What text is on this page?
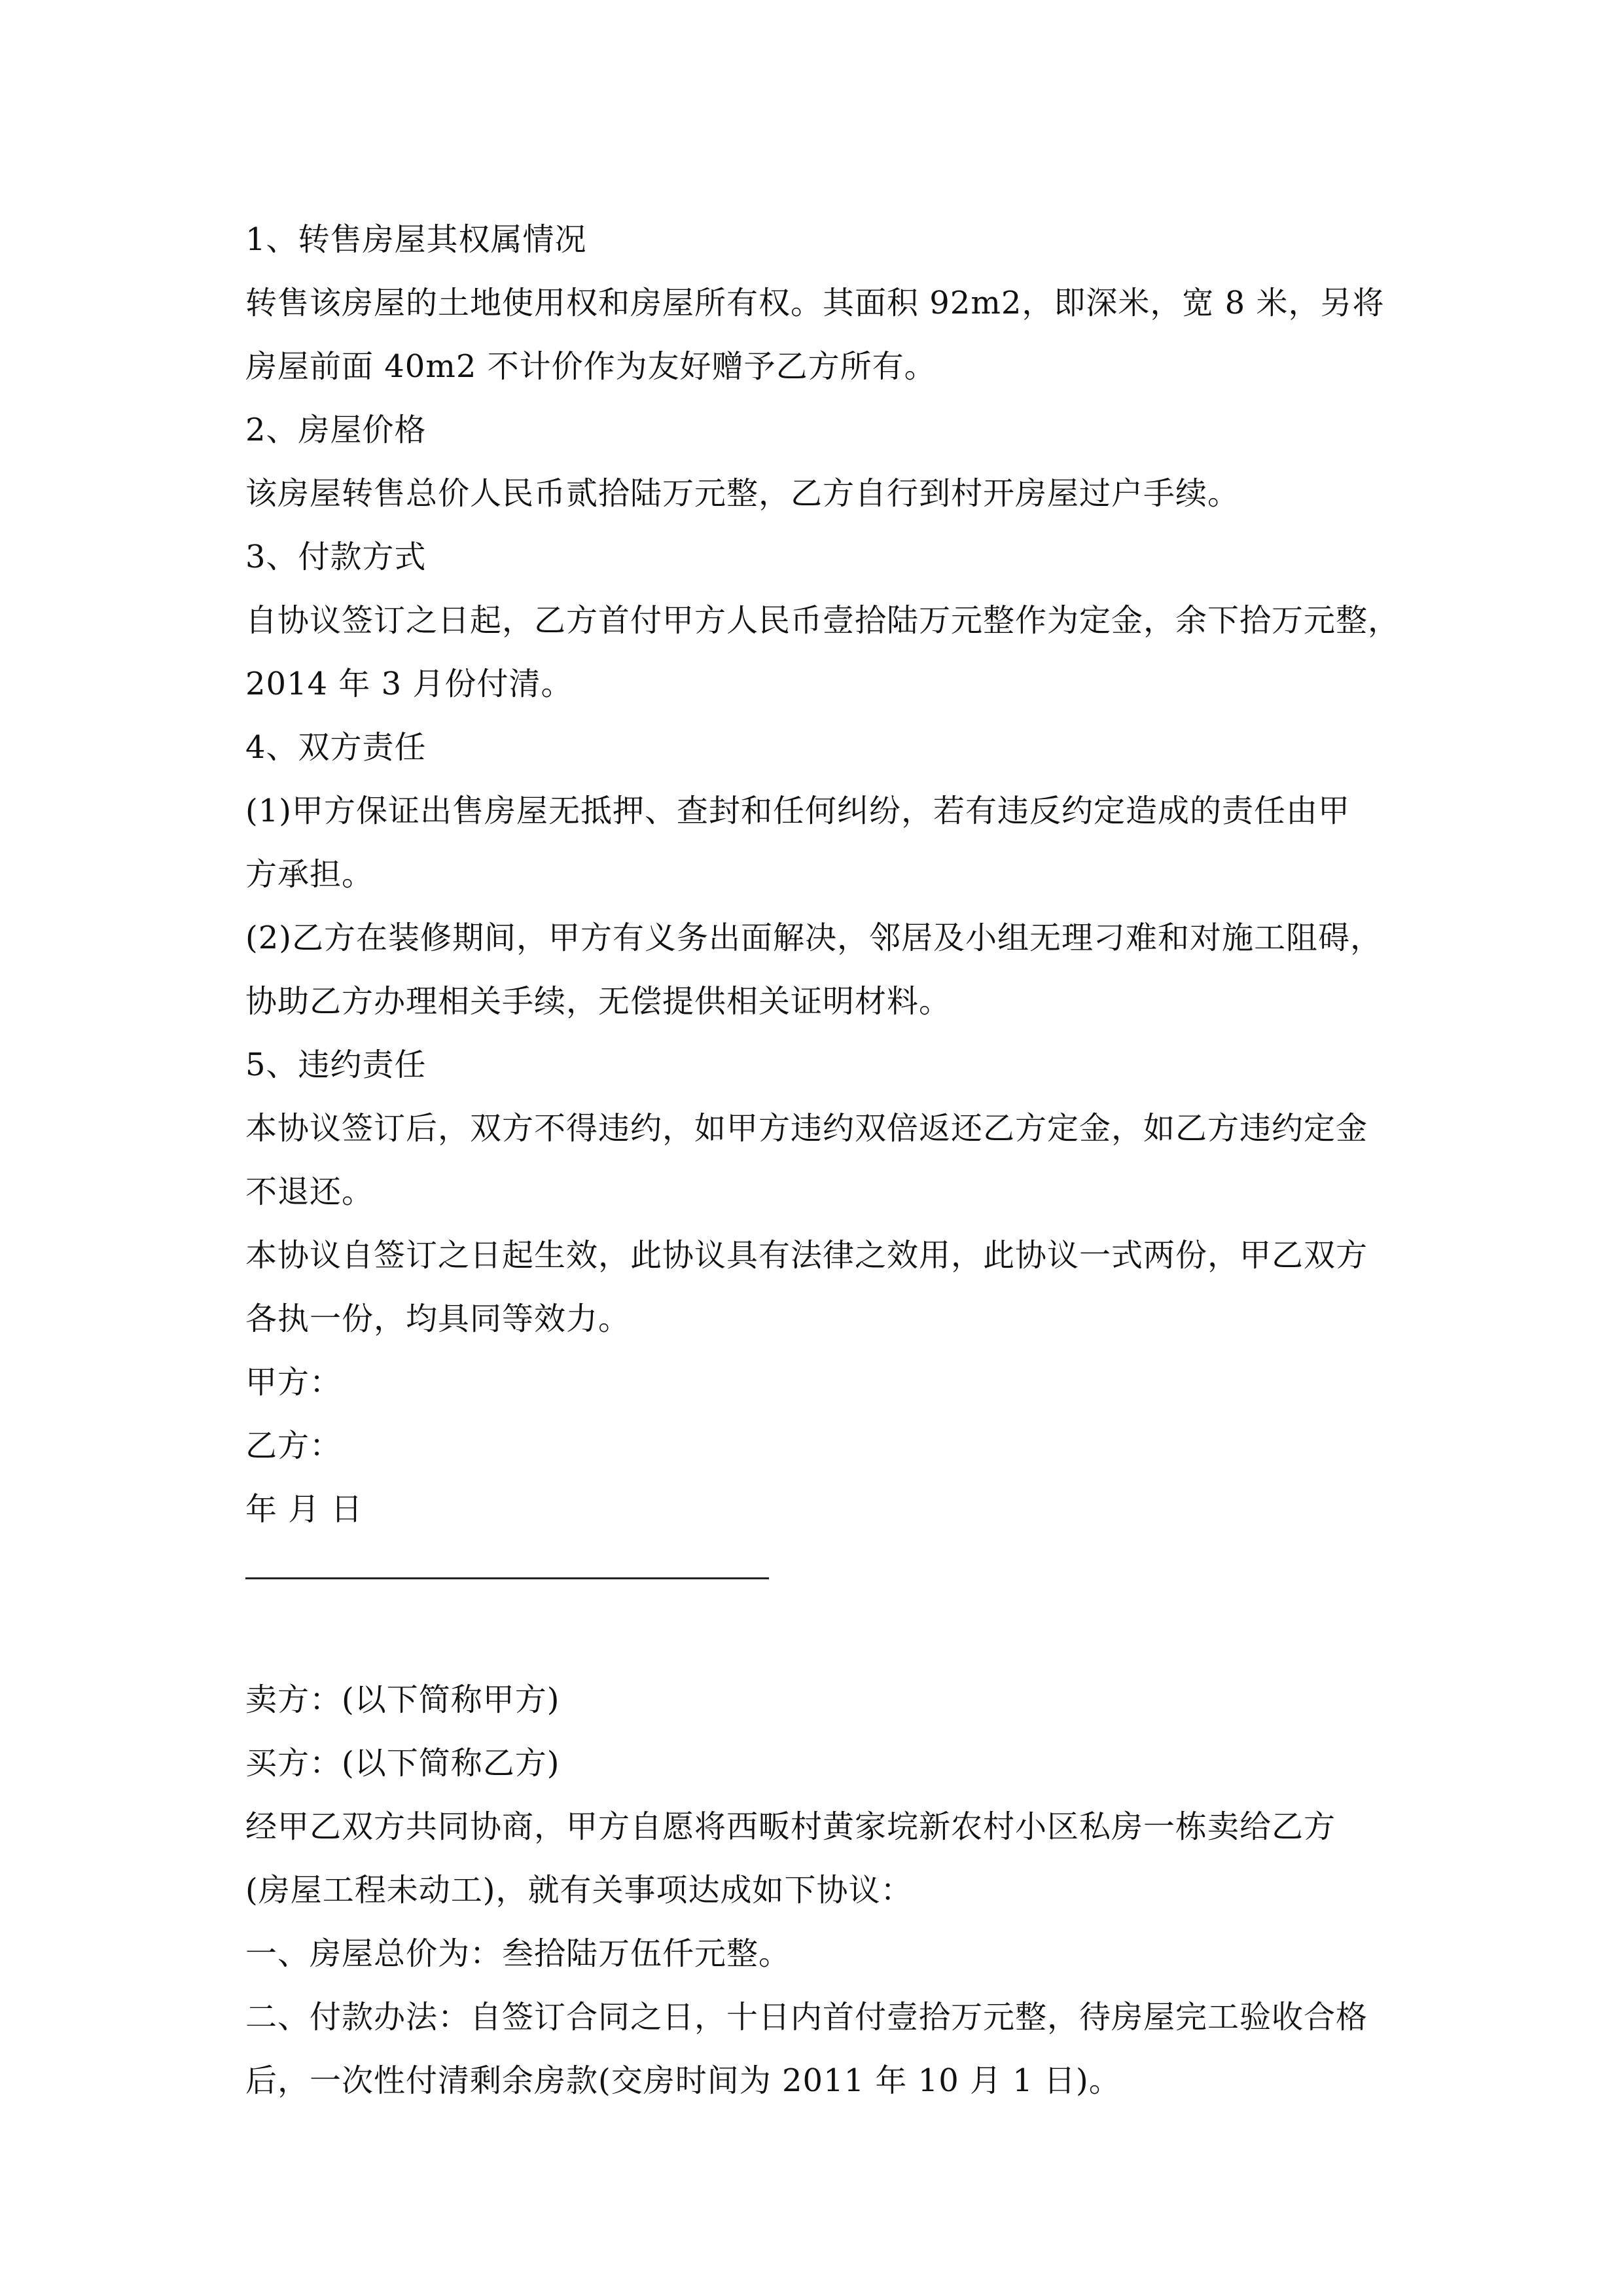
1、转售房屋其权属情况
转售该房屋的土地使用权和房屋所有权。其面积 92m2，即深米，宽 8 米，另将
房屋前面 40m2 不计价作为友好赠予乙方所有。
2、房屋价格
该房屋转售总价人民币贰拾陆万元整，乙方自行到村开房屋过户手续。
3、付款方式
自协议签订之日起，乙方首付甲方人民币壹拾陆万元整作为定金，余下拾万元整，
2014 年 3 月份付清。
4、双方责任
(1)甲方保证出售房屋无抵押、查封和任何纠纷，若有违反约定造成的责任由甲
方承担。
(2)乙方在装修期间，甲方有义务出面解决，邻居及小组无理刁难和对施工阻碍，
协助乙方办理相关手续，无偿提供相关证明材料。
5、违约责任
本协议签订后，双方不得违约，如甲方违约双倍返还乙方定金，如乙方违约定金
不退还。
本协议自签订之日起生效，此协议具有法律之效用，此协议一式两份，甲乙双方
各执一份，均具同等效力。
甲方：
乙方：
年 月 日
卖方：(以下简称甲方)
买方：(以下简称乙方)
经甲乙双方共同协商，甲方自愿将西畈村黄家垸新农村小区私房一栋卖给乙方
(房屋工程未动工)，就有关事项达成如下协议：
一、房屋总价为：叁拾陆万伍仟元整。
二、付款办法：自签订合同之日，十日内首付壹拾万元整，待房屋完工验收合格
后，一次性付清剩余房款(交房时间为 2011 年 10 月 1 日)。
